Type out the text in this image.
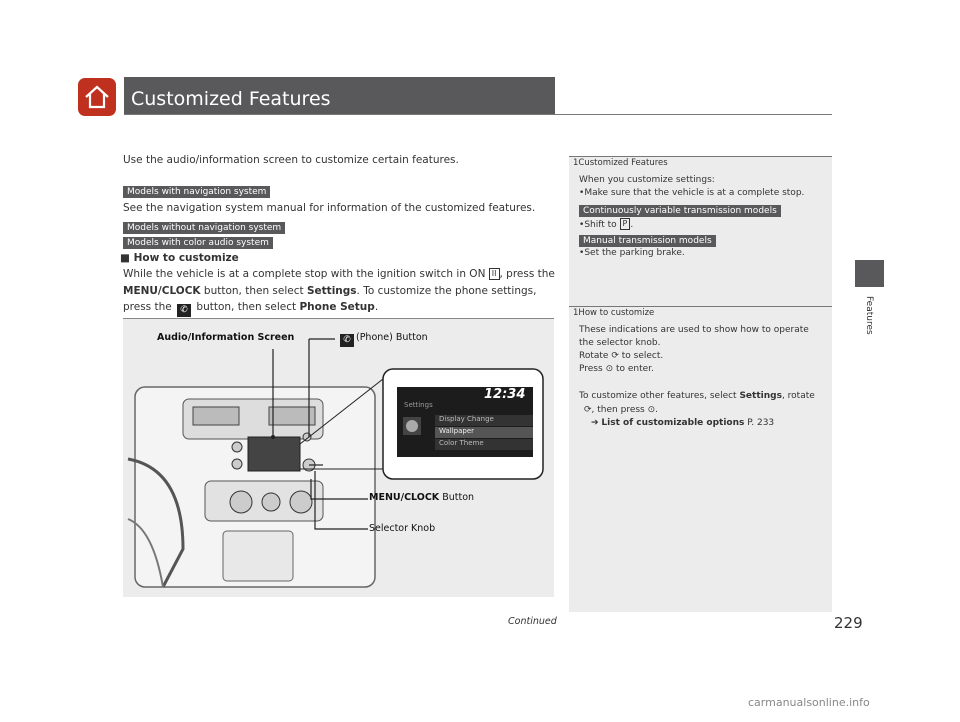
Customized Features
Features
Use the audio/information screen to customize certain features.
Models with navigation system
See the navigation system manual for information of the customized features.
Models without navigation system
Models with color audio system
■ How to customize
While the vehicle is at a complete stop with the ignition switch in ON II , press the
MENU/CLOCK button, then select Settings. To customize the phone settings,
press the ✆ button, then select Phone Setup.
Audio/Information Screen	✆ (Phone) Button
MENU/CLOCK Button
Selector Knob
12:34
Settings
Display Change
Wallpaper
Color Theme
1Customized Features
When you customize settings:
•Make sure that the vehicle is at a complete stop.
Continuously variable transmission models
•Shift to P .
Manual transmission models
•Set the parking brake.
1How to customize
These indications are used to show how to operate
the selector knob.
Rotate ⟳ to select.
Press ⊙ to enter.
To customize other features, select Settings, rotate
⟳, then press ⊙.
➔ List of customizable options P. 233
Continued	229
carmanualsonline.info
